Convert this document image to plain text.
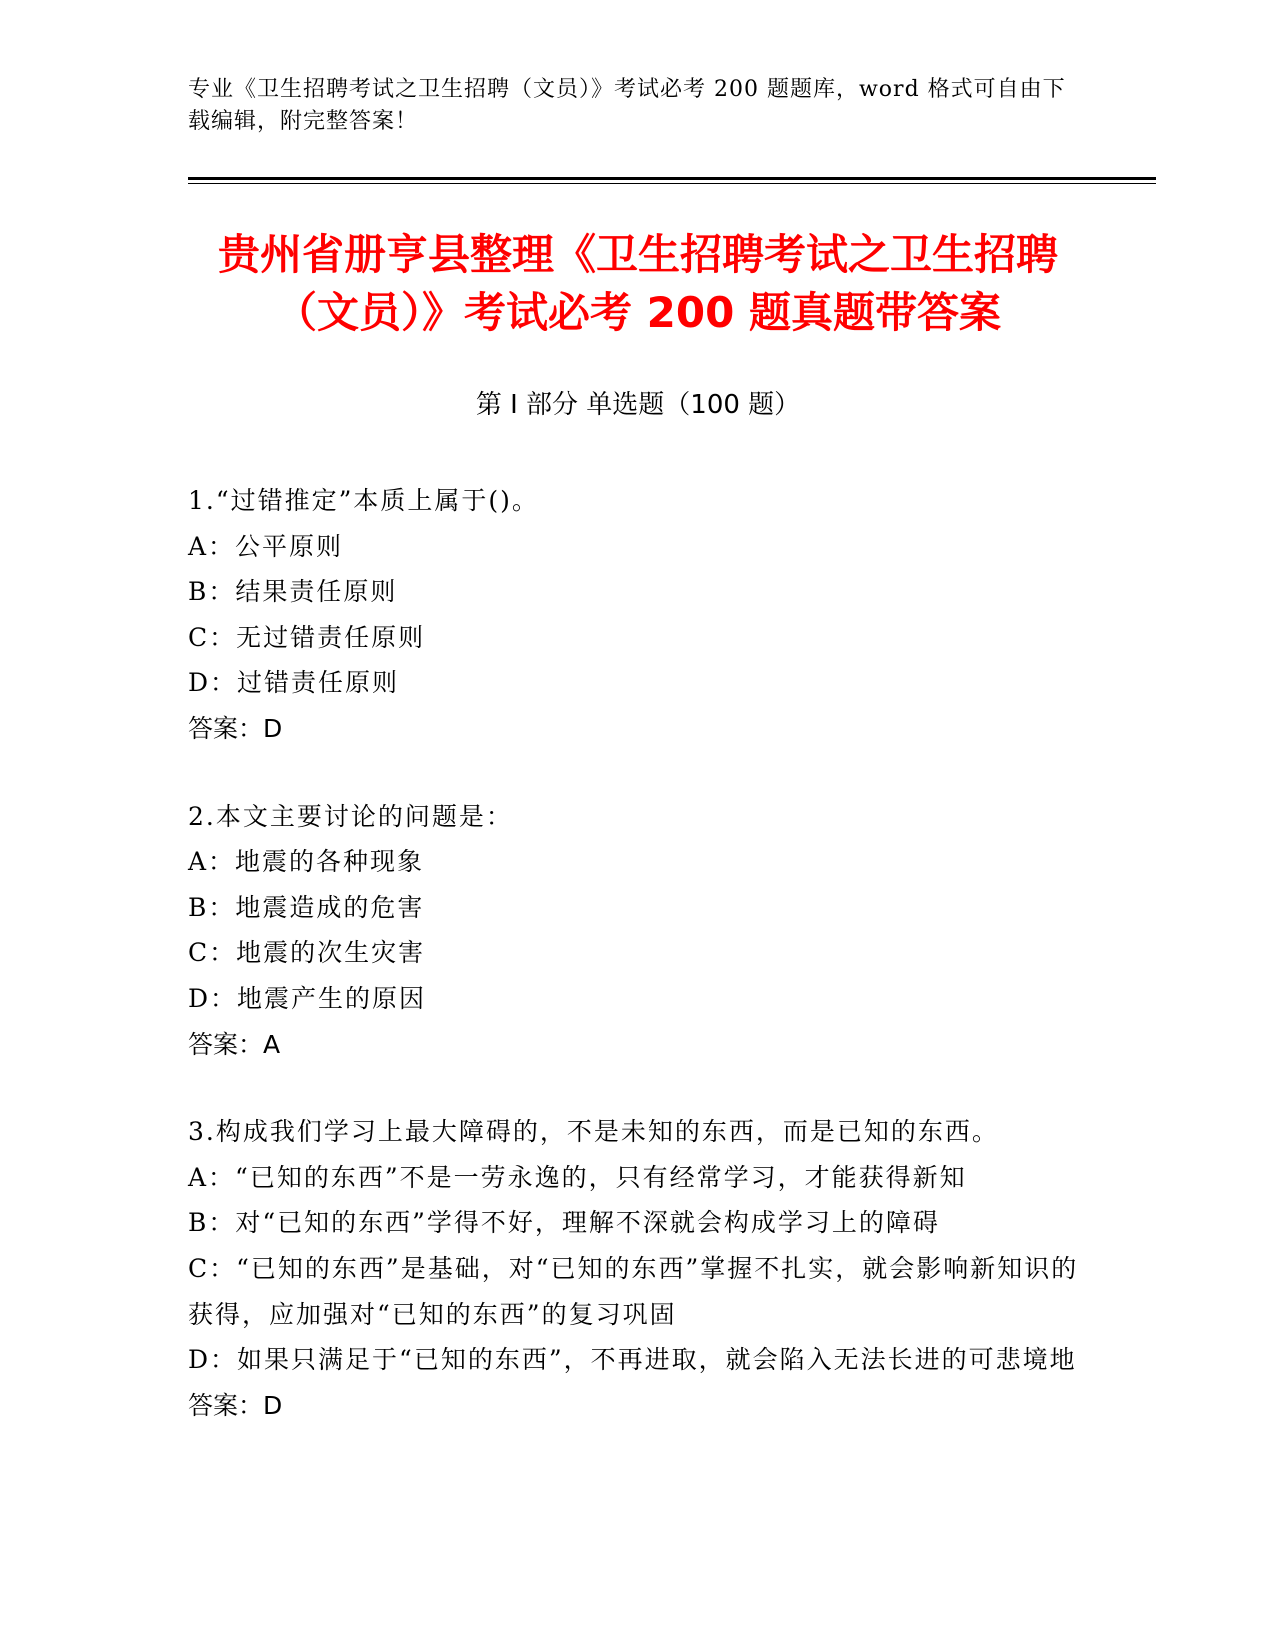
专业《卫生招聘考试之卫生招聘（文员）》考试必考 200 题题库，word 格式可自由下载编辑，附完整答案！
贵州省册亨县整理《卫生招聘考试之卫生招聘（文员）》考试必考 200 题真题带答案
第 I 部分 单选题（100 题）

1.“过错推定”本质上属于()。

A：公平原则

B：结果责任原则

C：无过错责任原则

D：过错责任原则

答案：D

2.本文主要讨论的问题是：

A：地震的各种现象

B：地震造成的危害

C：地震的次生灾害

D：地震产生的原因

答案：A

3.构成我们学习上最大障碍的，不是未知的东西，而是已知的东西。

A：“已知的东西”不是一劳永逸的，只有经常学习，才能获得新知

B：对“已知的东西”学得不好，理解不深就会构成学习上的障碍

C：“已知的东西”是基础，对“已知的东西”掌握不扎实，就会影响新知识的获得，应加强对“已知的东西”的复习巩固

D：如果只满足于“已知的东西”，不再进取，就会陷入无法长进的可悲境地

答案：D
